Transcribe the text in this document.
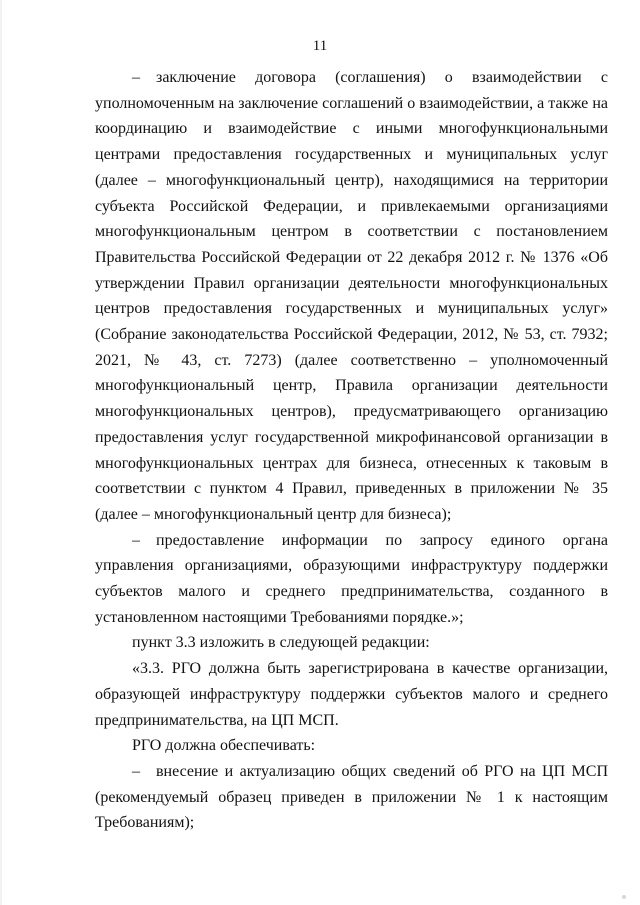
11

– заключение договора (соглашения) о взаимодействии с уполномоченным на заключение соглашений о взаимодействии, а также на координацию и взаимодействие с иными многофункциональными центрами предоставления государственных и муниципальных услуг (далее – многофункциональный центр), находящимися на территории субъекта Российской Федерации, и привлекаемыми организациями многофункциональным центром в соответствии с постановлением Правительства Российской Федерации от 22 декабря 2012 г. № 1376 «Об утверждении Правил организации деятельности многофункциональных центров предоставления государственных и муниципальных услуг» (Собрание законодательства Российской Федерации, 2012, № 53, ст. 7932; 2021, № 43, ст. 7273) (далее соответственно – уполномоченный многофункциональный центр, Правила организации деятельности многофункциональных центров), предусматривающего организацию предоставления услуг государственной микрофинансовой организации в многофункциональных центрах для бизнеса, отнесенных к таковым в соответствии с пунктом 4 Правил, приведенных в приложении № 35 (далее – многофункциональный центр для бизнеса);

– предоставление информации по запросу единого органа управления организациями, образующими инфраструктуру поддержки субъектов малого и среднего предпринимательства, созданного в установленном настоящими Требованиями порядке.»;

пункт 3.3 изложить в следующей редакции:

«3.3. РГО должна быть зарегистрирована в качестве организации, образующей инфраструктуру поддержки субъектов малого и среднего предпринимательства, на ЦП МСП.

РГО должна обеспечивать:

– внесение и актуализацию общих сведений об РГО на ЦП МСП (рекомендуемый образец приведен в приложении № 1 к настоящим Требованиям);
